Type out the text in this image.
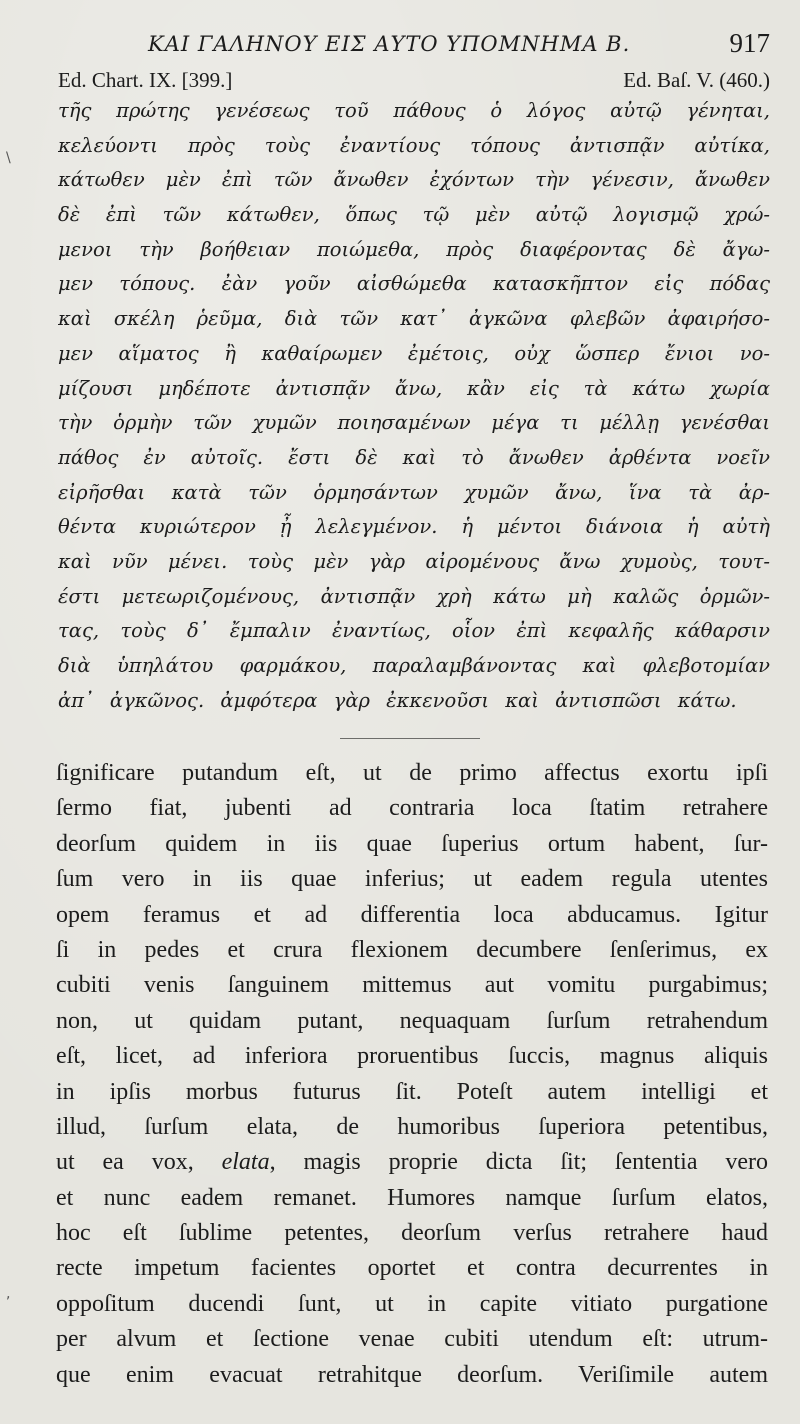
ΚΑΙ ΓΑΛΗΝΟΥ ΕΙΣ ΑΥΤΟ ΥΠΟΜΝΗΜΑ Β.	917
Ed. Chart. IX. [399.]	Ed. Baſ. V. (460.)
τῆς πρώτης γενέσεως τοῦ πάθους ὁ λόγος αὐτῷ γένηται,
κελεύοντι πρὸς τοὺς ἐναντίους τόπους ἀντισπᾷν αὐτίκα,
κάτωθεν μὲν ἐπὶ τῶν ἄνωθεν ἐχόντων τὴν γένεσιν, ἄνωθεν
δὲ ἐπὶ τῶν κάτωθεν, ὅπως τῷ μὲν αὐτῷ λογισμῷ χρώ-
μενοι τὴν βοήθειαν ποιώμεθα, πρὸς διαφέροντας δὲ ἄγω-
μεν τόπους. ἐὰν γοῦν αἰσθώμεθα κατασκῆπτον εἰς πόδας
καὶ σκέλη ῥεῦμα, διὰ τῶν κατ᾽ ἀγκῶνα φλεβῶν ἀφαιρήσο-
μεν αἵματος ἢ καθαίρωμεν ἐμέτοις, οὐχ ὥσπερ ἔνιοι νο-
μίζουσι μηδέποτε ἀντισπᾷν ἄνω, κἂν εἰς τὰ κάτω χωρία
τὴν ὁρμὴν τῶν χυμῶν ποιησαμένων μέγα τι μέλλῃ γενέσθαι
πάθος ἐν αὐτοῖς. ἔστι δὲ καὶ τὸ ἄνωθεν ἀρθέντα νοεῖν
εἰρῆσθαι κατὰ τῶν ὁρμησάντων χυμῶν ἄνω, ἵνα τὰ ἀρ-
θέντα κυριώτερον ᾖ λελεγμένον. ἡ μέντοι διάνοια ἡ αὐτὴ
καὶ νῦν μένει. τοὺς μὲν γὰρ αἰρομένους ἄνω χυμοὺς, τουτ-
έστι μετεωριζομένους, ἀντισπᾷν χρὴ κάτω μὴ καλῶς ὁρμῶν-
τας, τοὺς δ᾽ ἔμπαλιν ἐναντίως, οἷον ἐπὶ κεφαλῆς κάθαρσιν
διὰ ὑπηλάτου φαρμάκου, παραλαμβάνοντας καὶ φλεβοτομίαν
ἀπ᾽ ἀγκῶνος. ἀμφότερα γὰρ ἐκκενοῦσι καὶ ἀντισπῶσι κάτω.
ſignificare putandum eſt, ut de primo affectus exortu ipſi
ſermo fiat, jubenti ad contraria loca ſtatim retrahere
deorſum quidem in iis quae ſuperius ortum habent, ſur-
ſum vero in iis quae inferius; ut eadem regula utentes
opem feramus et ad differentia loca abducamus. Igitur
ſi in pedes et crura flexionem decumbere ſenſerimus, ex
cubiti venis ſanguinem mittemus aut vomitu purgabimus;
non, ut quidam putant, nequaquam ſurſum retrahendum
eſt, licet, ad inferiora proruentibus ſuccis, magnus aliquis
in ipſis morbus futurus ſit. Poteſt autem intelligi et
illud, ſurſum elata, de humoribus ſuperiora petentibus,
ut ea vox, elata, magis proprie dicta ſit; ſententia vero
et nunc eadem remanet. Humores namque ſurſum elatos,
hoc eſt ſublime petentes, deorſum verſus retrahere haud
recte impetum facientes oportet et contra decurrentes in
oppoſitum ducendi ſunt, ut in capite vitiato purgatione
per alvum et ſectione venae cubiti utendum eſt: utrum-
que enim evacuat retrahitque deorſum. Veriſimile autem
\
,
